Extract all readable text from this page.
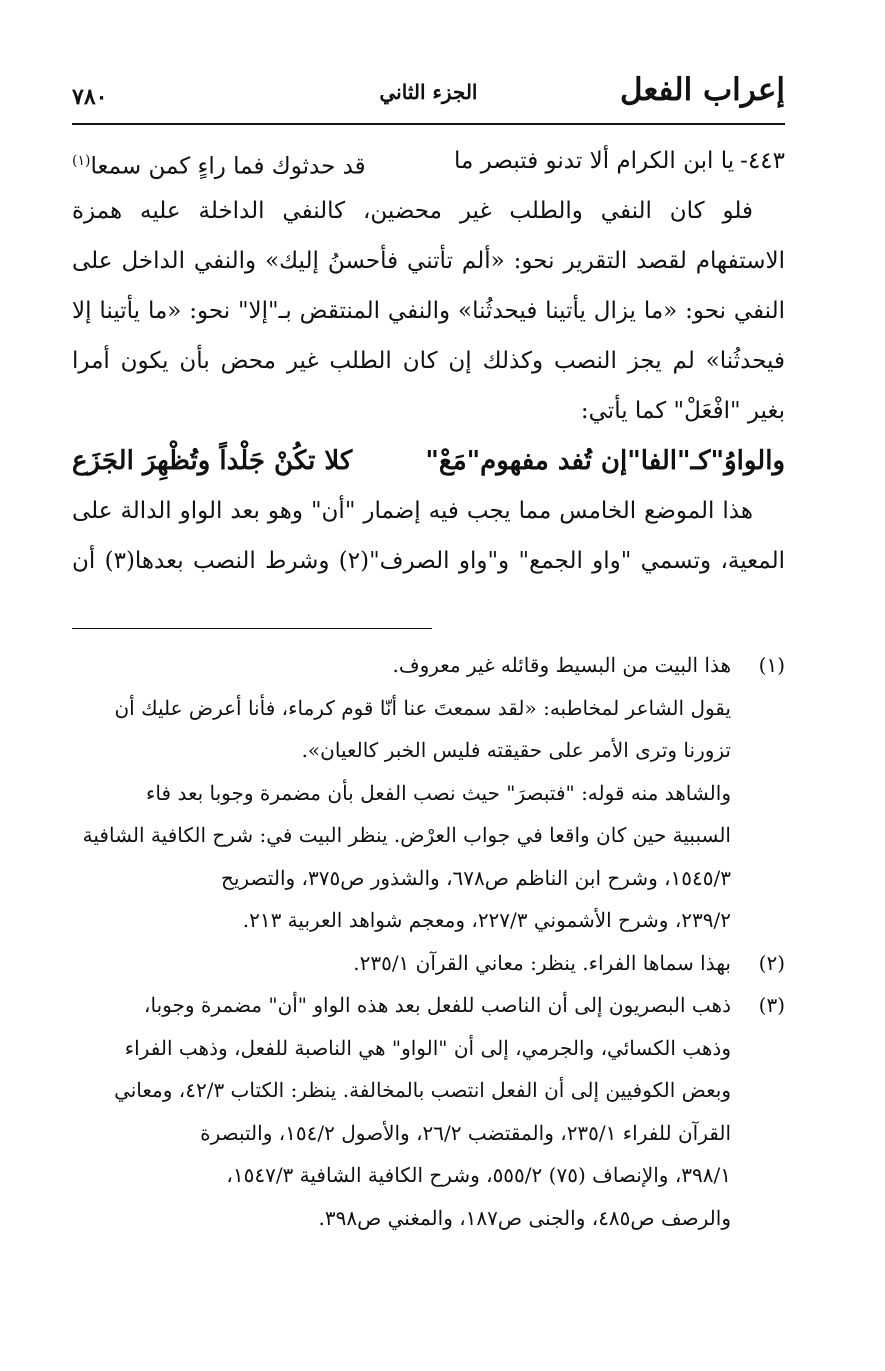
إعراب الفعل
الجزء الثاني
٧٨٠
٤٤٣-يا ابن الكرام ألا تدنو فتبصر ما
قد حدثوك فما راءٍ كمن سمعا$^{(١)}$
فلو كان النفي والطلب غير محضين، كالنفي الداخلة عليه همزة
الاستفهام لقصد التقرير نحو: «ألم تأتني فأحسنُ إليك» والنفي الداخل على
النفي نحو: «ما يزال يأتينا فيحدثُنا» والنفي المنتقض بـ"إلا" نحو: «ما يأتينا إلا
فيحدثُنا» لم يجز النصب وكذلك إن كان الطلب غير محض بأن يكون أمرا
بغير "افْعَلْ" كما يأتي:
والواوُ"كـ"الفا"إن تُفد مفهوم"مَعْ"
كلا تكُنْ جَلْداً وتُظْهِرَ الجَزَع
هذا الموضع الخامس مما يجب فيه إضمار "أن" وهو بعد الواو الدالة على
المعية، وتسمي "واو الجمع" و"واو الصرف"(٢) وشرط النصب بعدها(٣) أن
(١)هذا البيت من البسيط وقائله غير معروف.
يقول الشاعر لمخاطبه: «لقد سمعتَ عنا أنّا قوم كرماء، فأنا أعرض عليك أن
تزورنا وترى الأمر على حقيقته فليس الخبر كالعيان».
والشاهد منه قوله: "فتبصرَ" حيث نصب الفعل بأن مضمرة وجوبا بعد فاء
السببية حين كان واقعا في جواب العرْض. ينظر البيت في: شرح الكافية الشافية
١٥٤٥/٣، وشرح ابن الناظم ص٦٧٨، والشذور ص٣٧٥، والتصريح
٢٣٩/٢، وشرح الأشموني ٢٢٧/٣، ومعجم شواهد العربية ٢١٣.
(٢)بهذا سماها الفراء. ينظر: معاني القرآن ٢٣٥/١.
(٣)ذهب البصريون إلى أن الناصب للفعل بعد هذه الواو "أن" مضمرة وجوبا،
وذهب الكسائي، والجرمي، إلى أن "الواو" هي الناصبة للفعل، وذهب الفراء
وبعض الكوفيين إلى أن الفعل انتصب بالمخالفة. ينظر: الكتاب ٤٢/٣، ومعاني
القرآن للفراء ٢٣٥/١، والمقتضب ٢٦/٢، والأصول ١٥٤/٢، والتبصرة
٣٩٨/١، والإنصاف (٧٥) ٥٥٥/٢، وشرح الكافية الشافية ١٥٤٧/٣،
والرصف ص٤٨٥، والجنى ص١٨٧، والمغني ص٣٩٨.
